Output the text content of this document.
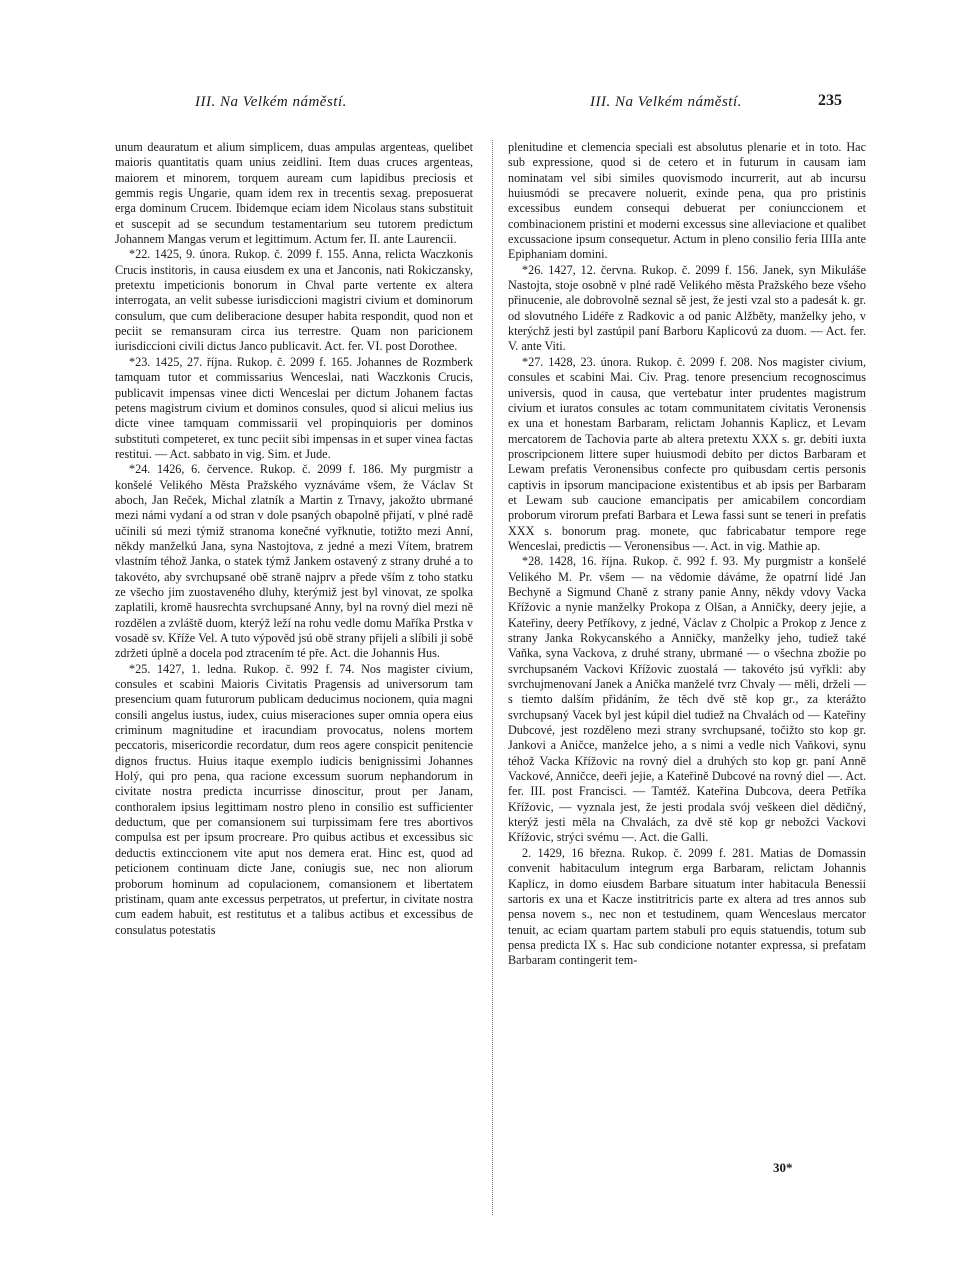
III. Na Velkém náměstí.	III. Na Velkém náměstí.	235

unum deauratum et alium simplicem, duas ampulas argenteas, quelibet maioris quantitatis quam unius zeidlini. Item duas cruces argenteas, maiorem et minorem, torquem auream cum lapidibus preciosis et gemmis regis Ungarie, quam idem rex in trecentis sexag. preposuerat erga dominum Crucem. Ibidemque eciam idem Nicolaus stans substituit et suscepit ad se secundum testamentarium seu tutorem predictum Johannem Mangas verum et legittimum. Actum fer. II. ante Laurencii.

*22. 1425, 9. února. Rukop. č. 2099 f. 155. Anna, relicta Waczkonis Crucis institoris, in causa eiusdem ex una et Janconis, nati Rokiczansky, pretextu impeticionis bonorum in Chval parte vertente ex altera interrogata, an velit subesse iurisdiccioni magistri civium et dominorum consulum, que cum deliberacione desuper habita respondit, quod non et peciit se remansuram circa ius terrestre. Quam non paricionem iurisdiccioni civili dictus Janco publicavit. Act. fer. VI. post Dorothee.

*23. 1425, 27. října. Rukop. č. 2099 f. 165. Johannes de Rozmberk tamquam tutor et commissarius Wenceslai, nati Waczkonis Crucis, publicavit impensas vinee dicti Wenceslai per dictum Johanem factas petens magistrum civium et dominos consules, quod si alicui melius ius dicte vinee tamquam commissarii vel propinquioris per dominos substituti competeret, ex tunc peciit sibi impensas in et super vinea factas restitui. — Act. sabbato in vig. Sim. et Jude.

*24. 1426, 6. července. Rukop. č. 2099 f. 186. My purgmistr a konšelé Velikého Města Pražského vyznáváme všem, že Václav St aboch, Jan Reček, Michal zlatník a Martin z Trnavy, jakožto ubrmané mezi námi vydaní a od stran v dole psaných obapolně přijatí, v plné radě učinili sú mezi týmiž stranoma konečné vyřknutie, totižto mezi Anní, někdy manželkú Jana, syna Nastojtova, z jedné a mezi Vítem, bratrem vlastním téhož Janka, o statek týmž Jankem ostavený z strany druhé a to takovéto, aby svrchupsané obě straně najprv a přede vším z toho statku ze všecho jim zuostaveného dluhy, kterýmiž jest byl vinovat, ze spolka zaplatili, kromě hausrechta svrchupsané Anny, byl na rovný diel mezi ně rozdělen a zvláště duom, kterýž leží na rohu vedle domu Maříka Prstka v vosadě sv. Kříže Vel. A tuto výpověd jsú obě strany přijeli a slíbili ji sobě zdržeti úplně a docela pod ztracením té pře. Act. die Johannis Hus.

*25. 1427, 1. ledna. Rukop. č. 992 f. 74. Nos magister civium, consules et scabini Maioris Civitatis Pragensis ad universorum tam presencium quam futurorum publicam deducimus nocionem, quia magni consili angelus iustus, iudex, cuius miseraciones super omnia opera eius criminum magnitudine et iracundiam provocatus, nolens mortem peccatoris, misericordie recordatur, dum reos agere conspicit penitencie dignos fructus. Huius itaque exemplo iudicis benignissimi Johannes Holý, qui pro pena, qua racione excessum suorum nephandorum in civitate nostra predicta incurrisse dinoscitur, prout per Janam, conthoralem ipsius legittimam nostro pleno in consilio est sufficienter deductum, que per comansionem sui turpissimam fere tres abortivos compulsa est per ipsum procreare. Pro quibus actibus et excessibus sic deductis extinccionem vite aput nos demera erat. Hinc est, quod ad peticionem continuam dicte Jane, coniugis sue, nec non aliorum proborum hominum ad copulacionem, comansionem et libertatem pristinam, quam ante excessus perpetratos, ut prefertur, in civitate nostra cum eadem habuit, est restitutus et a talibus actibus et excessibus de consulatus potestatis

plenitudine et clemencia speciali est absolutus plenarie et in toto. Hac sub expressione, quod si de cetero et in futurum in causam iam nominatam vel sibi similes quovismodo incurrerit, aut ab incursu huiusmódi se precavere noluerit, exinde pena, qua pro pristinis excessibus eundem consequi debuerat per coniunccionem et combinacionem pristini et moderni excessus sine alleviacione et qualibet excussacione ipsum consequetur. Actum in pleno consilio feria IIIIa ante Epiphaniam domini.

*26. 1427, 12. června. Rukop. č. 2099 f. 156. Janek, syn Mikuláše Nastojta, stoje osobně v plné radě Velikého města Pražského beze všeho přinucenie, ale dobrovolně seznal sě jest, že jesti vzal sto a padesát k. gr. od slovutného Lidéře z Radkovic a od panic Alžběty, manželky jeho, v kterýchž jesti byl zastúpil paní Barboru Kaplicovú za duom. — Act. fer. V. ante Viti.

*27. 1428, 23. února. Rukop. č. 2099 f. 208. Nos magister civium, consules et scabini Mai. Civ. Prag. tenore presencium recognoscimus universis, quod in causa, que vertebatur inter prudentes magistrum civium et iuratos consules ac totam communitatem civitatis Veronensis ex una et honestam Barbaram, relictam Johannis Kaplicz, et Levam mercatorem de Tachovia parte ab altera pretextu XXX s. gr. debiti iuxta proscripcionem littere super huiusmodi debito per dictos Barbaram et Lewam prefatis Veronensibus confecte pro quibusdam certis personis captivis in ipsorum mancipacione existentibus et ab ipsis per Barbaram et Lewam sub caucione emancipatis per amicabilem concordiam proborum virorum prefati Barbara et Lewa fassi sunt se teneri in prefatis XXX s. bonorum prag. monete, quc fabricabatur tempore rege Wenceslai, predictis — Veronensibus —. Act. in vig. Mathie ap.

*28. 1428, 16. října. Rukop. č. 992 f. 93. My purgmistr a konšelé Velikého M. Pr. všem — na vědomie dáváme, že opatrní lidé Jan Bechyně a Sigmund Chaně z strany panie Anny, někdy vdovy Vacka Křížovic a nynie manželky Prokopa z Olšan, a Anničky, deery jejie, a Kateřiny, deery Petříkovy, z jedné, Václav z Cholpic a Prokop z Jence z strany Janka Rokycanského a Anničky, manželky jeho, tudiež také Vaňka, syna Vackova, z druhé strany, ubrmané — o všechna zbožie po svrchupsaném Vackovi Křížovic zuostalá — takovéto jsú vyřkli: aby svrchujmenovaní Janek a Anička manželé tvrz Chvaly — měli, drželi — s tiemto dalším přidáním, že těch dvě stě kop gr., za kterážto svrchupsaný Vacek byl jest kúpil diel tudiež na Chvalách od — Kateřiny Dubcové, jest rozděleno mezi strany svrchupsané, točižto sto kop gr. Jankovi a Aničce, manželce jeho, a s nimi a vedle nich Vaňkovi, synu téhož Vacka Křížovic na rovný diel a druhých sto kop gr. paní Anně Vackové, Anničce, deeři jejie, a Kateřině Dubcové na rovný diel —. Act. fer. III. post Francisci. — Tamtéž. Kateřina Dubcova, deera Petříka Křížovic, — vyznala jest, že jesti prodala svój veškeen diel dědičný, kterýž jesti měla na Chvalách, za dvě stě kop gr nebožci Vackovi Křížovic, strýci svému —. Act. die Galli.

2. 1429, 16 března. Rukop. č. 2099 f. 281. Matias de Domassin convenit habitaculum integrum erga Barbaram, relictam Johannis Kaplicz, in domo eiusdem Barbare situatum inter habitacula Benessii sartoris ex una et Kacze institritricis parte ex altera ad tres annos sub pensa novem s., nec non et testudinem, quam Wenceslaus mercator tenuit, ac eciam quartam partem stabuli pro equis statuendis, totum sub pensa predicta IX s. Hac sub condicione notanter expressa, si prefatam Barbaram contingerit tem-

30*
